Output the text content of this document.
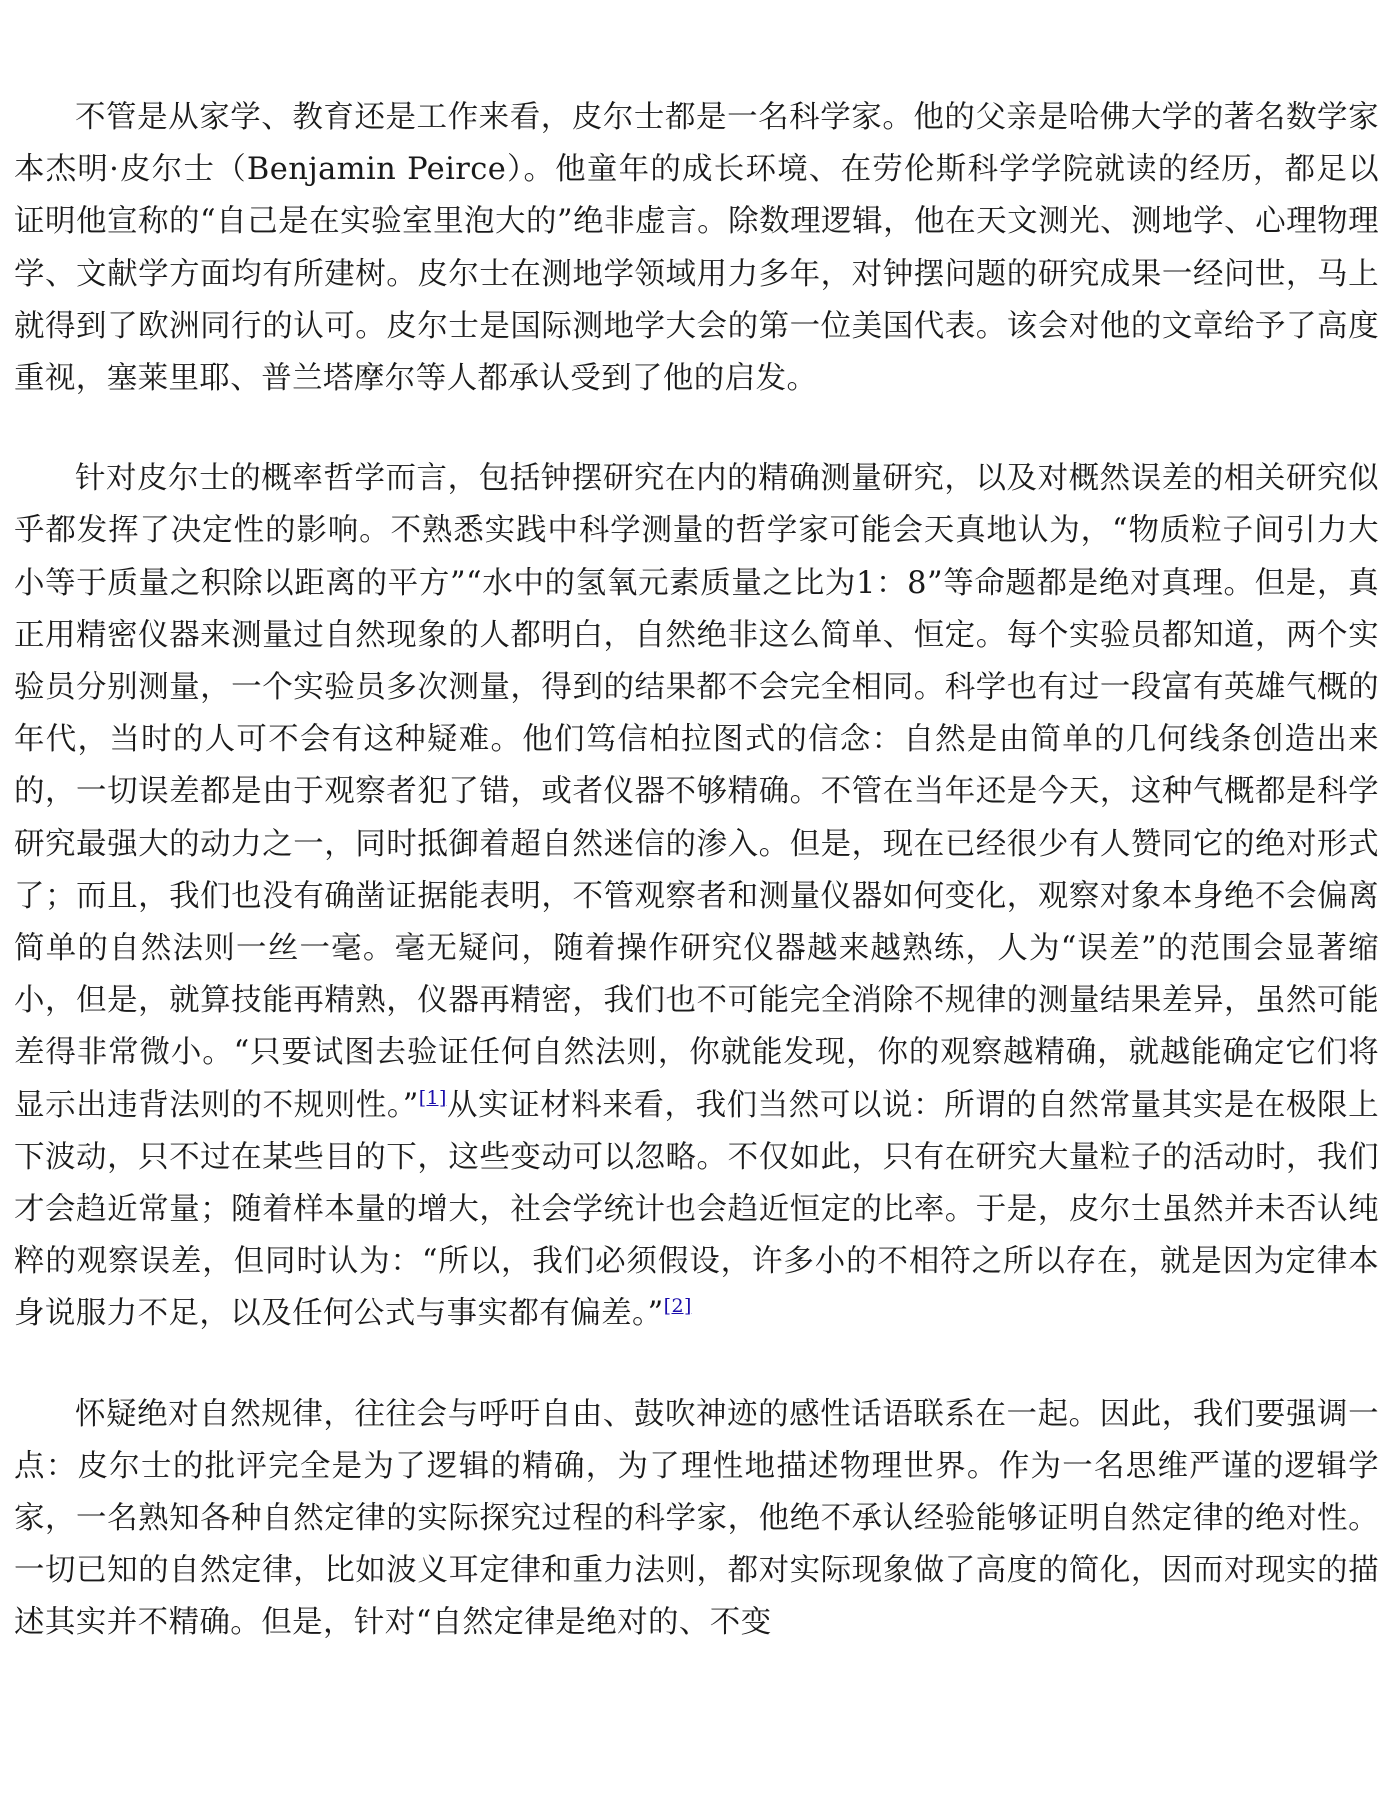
不管是从家学、教育还是工作来看，皮尔士都是一名科学家。他的父亲是哈佛大学的著名数学家本杰明·皮尔士（Benjamin Peirce）。他童年的成长环境、在劳伦斯科学学院就读的经历，都足以证明他宣称的“自己是在实验室里泡大的”绝非虚言。除数理逻辑，他在天文测光、测地学、心理物理学、文献学方面均有所建树。皮尔士在测地学领域用力多年，对钟摆问题的研究成果一经问世，马上就得到了欧洲同行的认可。皮尔士是国际测地学大会的第一位美国代表。该会对他的文章给予了高度重视，塞莱里耶、普兰塔摩尔等人都承认受到了他的启发。

针对皮尔士的概率哲学而言，包括钟摆研究在内的精确测量研究，以及对概然误差的相关研究似乎都发挥了决定性的影响。不熟悉实践中科学测量的哲学家可能会天真地认为，“物质粒子间引力大小等于质量之积除以距离的平方”“水中的氢氧元素质量之比为1：8”等命题都是绝对真理。但是，真正用精密仪器来测量过自然现象的人都明白，自然绝非这么简单、恒定。每个实验员都知道，两个实验员分别测量，一个实验员多次测量，得到的结果都不会完全相同。科学也有过一段富有英雄气概的年代，当时的人可不会有这种疑难。他们笃信柏拉图式的信念：自然是由简单的几何线条创造出来的，一切误差都是由于观察者犯了错，或者仪器不够精确。不管在当年还是今天，这种气概都是科学研究最强大的动力之一，同时抵御着超自然迷信的渗入。但是，现在已经很少有人赞同它的绝对形式了；而且，我们也没有确凿证据能表明，不管观察者和测量仪器如何变化，观察对象本身绝不会偏离简单的自然法则一丝一毫。毫无疑问，随着操作研究仪器越来越熟练，人为“误差”的范围会显著缩小，但是，就算技能再精熟，仪器再精密，我们也不可能完全消除不规律的测量结果差异，虽然可能差得非常微小。“只要试图去验证任何自然法则，你就能发现，你的观察越精确，就越能确定它们将显示出违背法则的不规则性。”[1]从实证材料来看，我们当然可以说：所谓的自然常量其实是在极限上下波动，只不过在某些目的下，这些变动可以忽略。不仅如此，只有在研究大量粒子的活动时，我们才会趋近常量；随着样本量的增大，社会学统计也会趋近恒定的比率。于是，皮尔士虽然并未否认纯粹的观察误差，但同时认为：“所以，我们必须假设，许多小的不相符之所以存在，就是因为定律本身说服力不足，以及任何公式与事实都有偏差。”[2]

怀疑绝对自然规律，往往会与呼吁自由、鼓吹神迹的感性话语联系在一起。因此，我们要强调一点：皮尔士的批评完全是为了逻辑的精确，为了理性地描述物理世界。作为一名思维严谨的逻辑学家，一名熟知各种自然定律的实际探究过程的科学家，他绝不承认经验能够证明自然定律的绝对性。一切已知的自然定律，比如波义耳定律和重力法则，都对实际现象做了高度的简化，因而对现实的描述其实并不精确。但是，针对“自然定律是绝对的、不变
